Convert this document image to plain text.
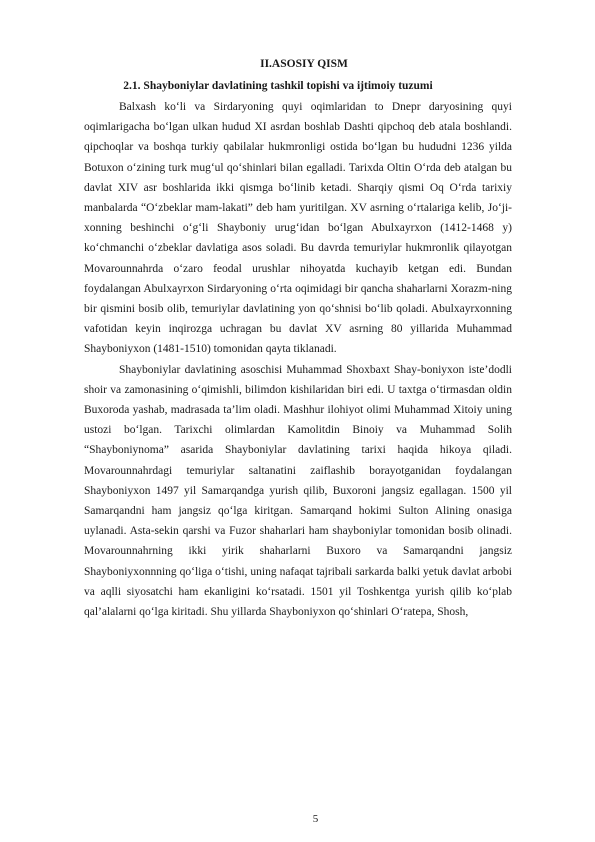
II.ASOSIY QISM

2.1. Shayboniylar davlatining tashkil topishi va ijtimoiy tuzumi

Balxash ko‘li va Sirdaryoning quyi oqimlaridan to Dnepr daryosining quyi oqimlarigacha bo‘lgan ulkan hudud XI asrdan boshlab Dashti qipchoq deb atala boshlandi. qipchoqlar va boshqa turkiy qabilalar hukmronligi ostida bo‘lgan bu hududni 1236 yilda Botuxon o‘zining turk mug‘ul qo‘shinlari bilan egalladi. Tarixda Oltin O‘rda deb atalgan bu davlat XIV asr boshlarida ikki qismga bo‘linib ketadi. Sharqiy qismi Oq O‘rda tarixiy manbalarda “O‘zbeklar mam-lakati” deb ham yuritilgan. XV asrning o‘rtalariga kelib, Jo‘ji-xonning beshinchi o‘g‘li Shayboniy urug‘idan bo‘lgan Abulxayrxon (1412-1468 y) ko‘chmanchi o‘zbeklar davlatiga asos soladi. Bu davrda temuriylar hukmronlik qilayotgan Movarounnahrda o‘zaro feodal urushlar nihoyatda kuchayib ketgan edi. Bundan foydalangan Abulxayrxon Sirdaryoning o‘rta oqimidagi bir qancha shaharlarni Xorazm-ning bir qismini bosib olib, temuriylar davlatining yon qo‘shnisi bo‘lib qoladi. Abulxayrxonning vafotidan keyin inqirozga uchragan bu davlat XV asrning 80 yillarida Muhammad Shayboniyxon (1481-1510) tomonidan qayta tiklanadi.

Shayboniylar davlatining asoschisi Muhammad Shoxbaxt Shay-boniyxon iste’dodli shoir va zamonasining o‘qimishli, bilimdon kishilaridan biri edi. U taxtga o‘tirmasdan oldin Buxoroda yashab, madrasada ta’lim oladi. Mashhur ilohiyot olimi Muhammad Xitoiy uning ustozi bo‘lgan. Tarixchi olimlardan Kamolitdin Binoiy va Muhammad Solih “Shayboniynoma” asarida Shayboniylar davlatining tarixi haqida hikoya qiladi. Movarounnahrdagi temuriylar saltanatini zaiflashib borayotganidan foydalangan Shayboniyxon 1497 yil Samarqandga yurish qilib, Buxoroni jangsiz egallagan. 1500 yil Samarqandni ham jangsiz qo‘lga kiritgan. Samarqand hokimi Sulton Alining onasiga uylanadi. Asta-sekin qarshi va Fuzor shaharlari ham shayboniylar tomonidan bosib olinadi. Movarounnahrning ikki yirik shaharlarni Buxoro va Samarqandni jangsiz Shayboniyxonnning qo‘liga o‘tishi, uning nafaqat tajribali sarkarda balki yetuk davlat arbobi va aqlli siyosatchi ham ekanligini ko‘rsatadi. 1501 yil Toshkentga yurish qilib ko‘plab qal’alalarni qo‘lga kiritadi. Shu yillarda Shayboniyxon qo‘shinlari O‘ratepa, Shosh,

5
